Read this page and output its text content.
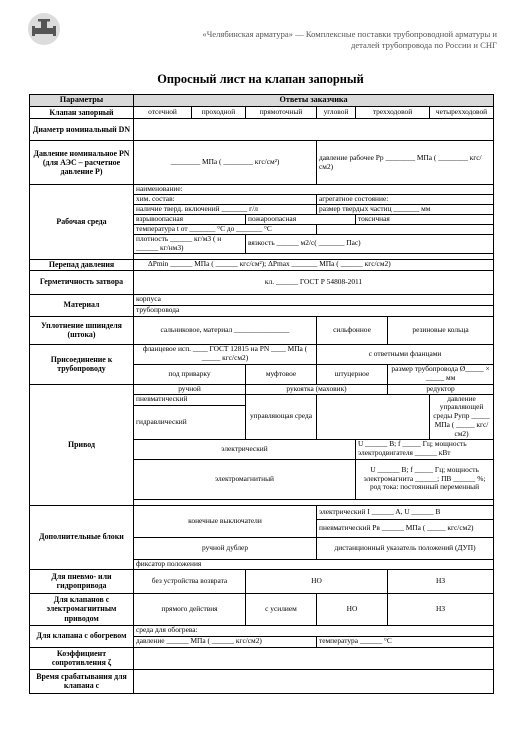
«Челябинская арматура» — Комплексные поставки трубопроводной арматуры и
деталей трубопровода по России и СНГ
Опросный лист на клапан запорный
Параметры	Ответы заказчика						
Клапан запорный	отсечной	проходной	прямоточный	угловой	трехходовой		четырехходовой
Диаметр номинальный DN							
Давление номинальное PN (для АЭС – расчетное давление P)	________ МПа ( ________ кгс/см²)			давление рабочее Рр ________ МПа ( ________ кгс/см2)			
Рабочая среда	наименование:						
	хим. состав:			агрегатное состояние:			
	наличие тверд. включений _______ г/л			размер твердых частиц _______ мм			
	взрывоопасная		пожароопасная		токсичная		
	температура t от _______ °С до _______ °С						
	плотность ______ кг/м3 ( н ______ кг/нм3)		вязкость ______ м2/с( _______ Пас)				

Перепад давления	ΔPmin ______ МПа ( ______ кгс/см²); ΔPmax _______ МПа ( ______ кгс/см2)						
Герметичность затвора	кл. ______ ГОСТ Р 54808-2011						
Материал	корпуса						
	трубопровода						
Уплотнение шпинделя (штока)	сальниковое, материал _______________			сильфонное		резиновые кольца	
Присоединение к трубопроводу	фланцевое исп. ____ ГОСТ 12815 на PN ____ МПа ( _____ кгс/см2)			с ответными фланцами			
	под приварку		муфтовое	штуцерное		размер трубопровода Ø_____ × _____ мм	
Привод	ручной		рукоятка (маховик)			редуктор	
	пневматический		управляющая среда				давление управляющей среды Рупр _____ МПа ( _____ кгс/см2)
	гидравлический						
	электрический				U ______ В; f _____ Гц; мощность электродвигателя ______ кВт		
	электромагнитный				U ______ В; f _____ Гц; мощность электромагнита ______; ПВ ______ %; род тока: постоянный переменный		

Дополнительные блоки	конечные выключатели			электрический I ______ A, U ______ В			
				пневматический Рв ______ МПа ( _____ кгс/см2)			
	ручной дублер			дистанционный указатель положений (ДУП)			
	фиксатор положения						
Для пневмо- или гидропривода	без устройства возврата		НО			НЗ	
Для клапанов с электромагнитным приводом	прямого действия		с усилием	НО		НЗ	
Для клапана с обогревом	среда для обогрева:						
	давление ______ МПа ( ______ кгс/см2)			температура ______ °С			
Коэффициент сопротивления ζ							
Время срабатывания для клапана с							
